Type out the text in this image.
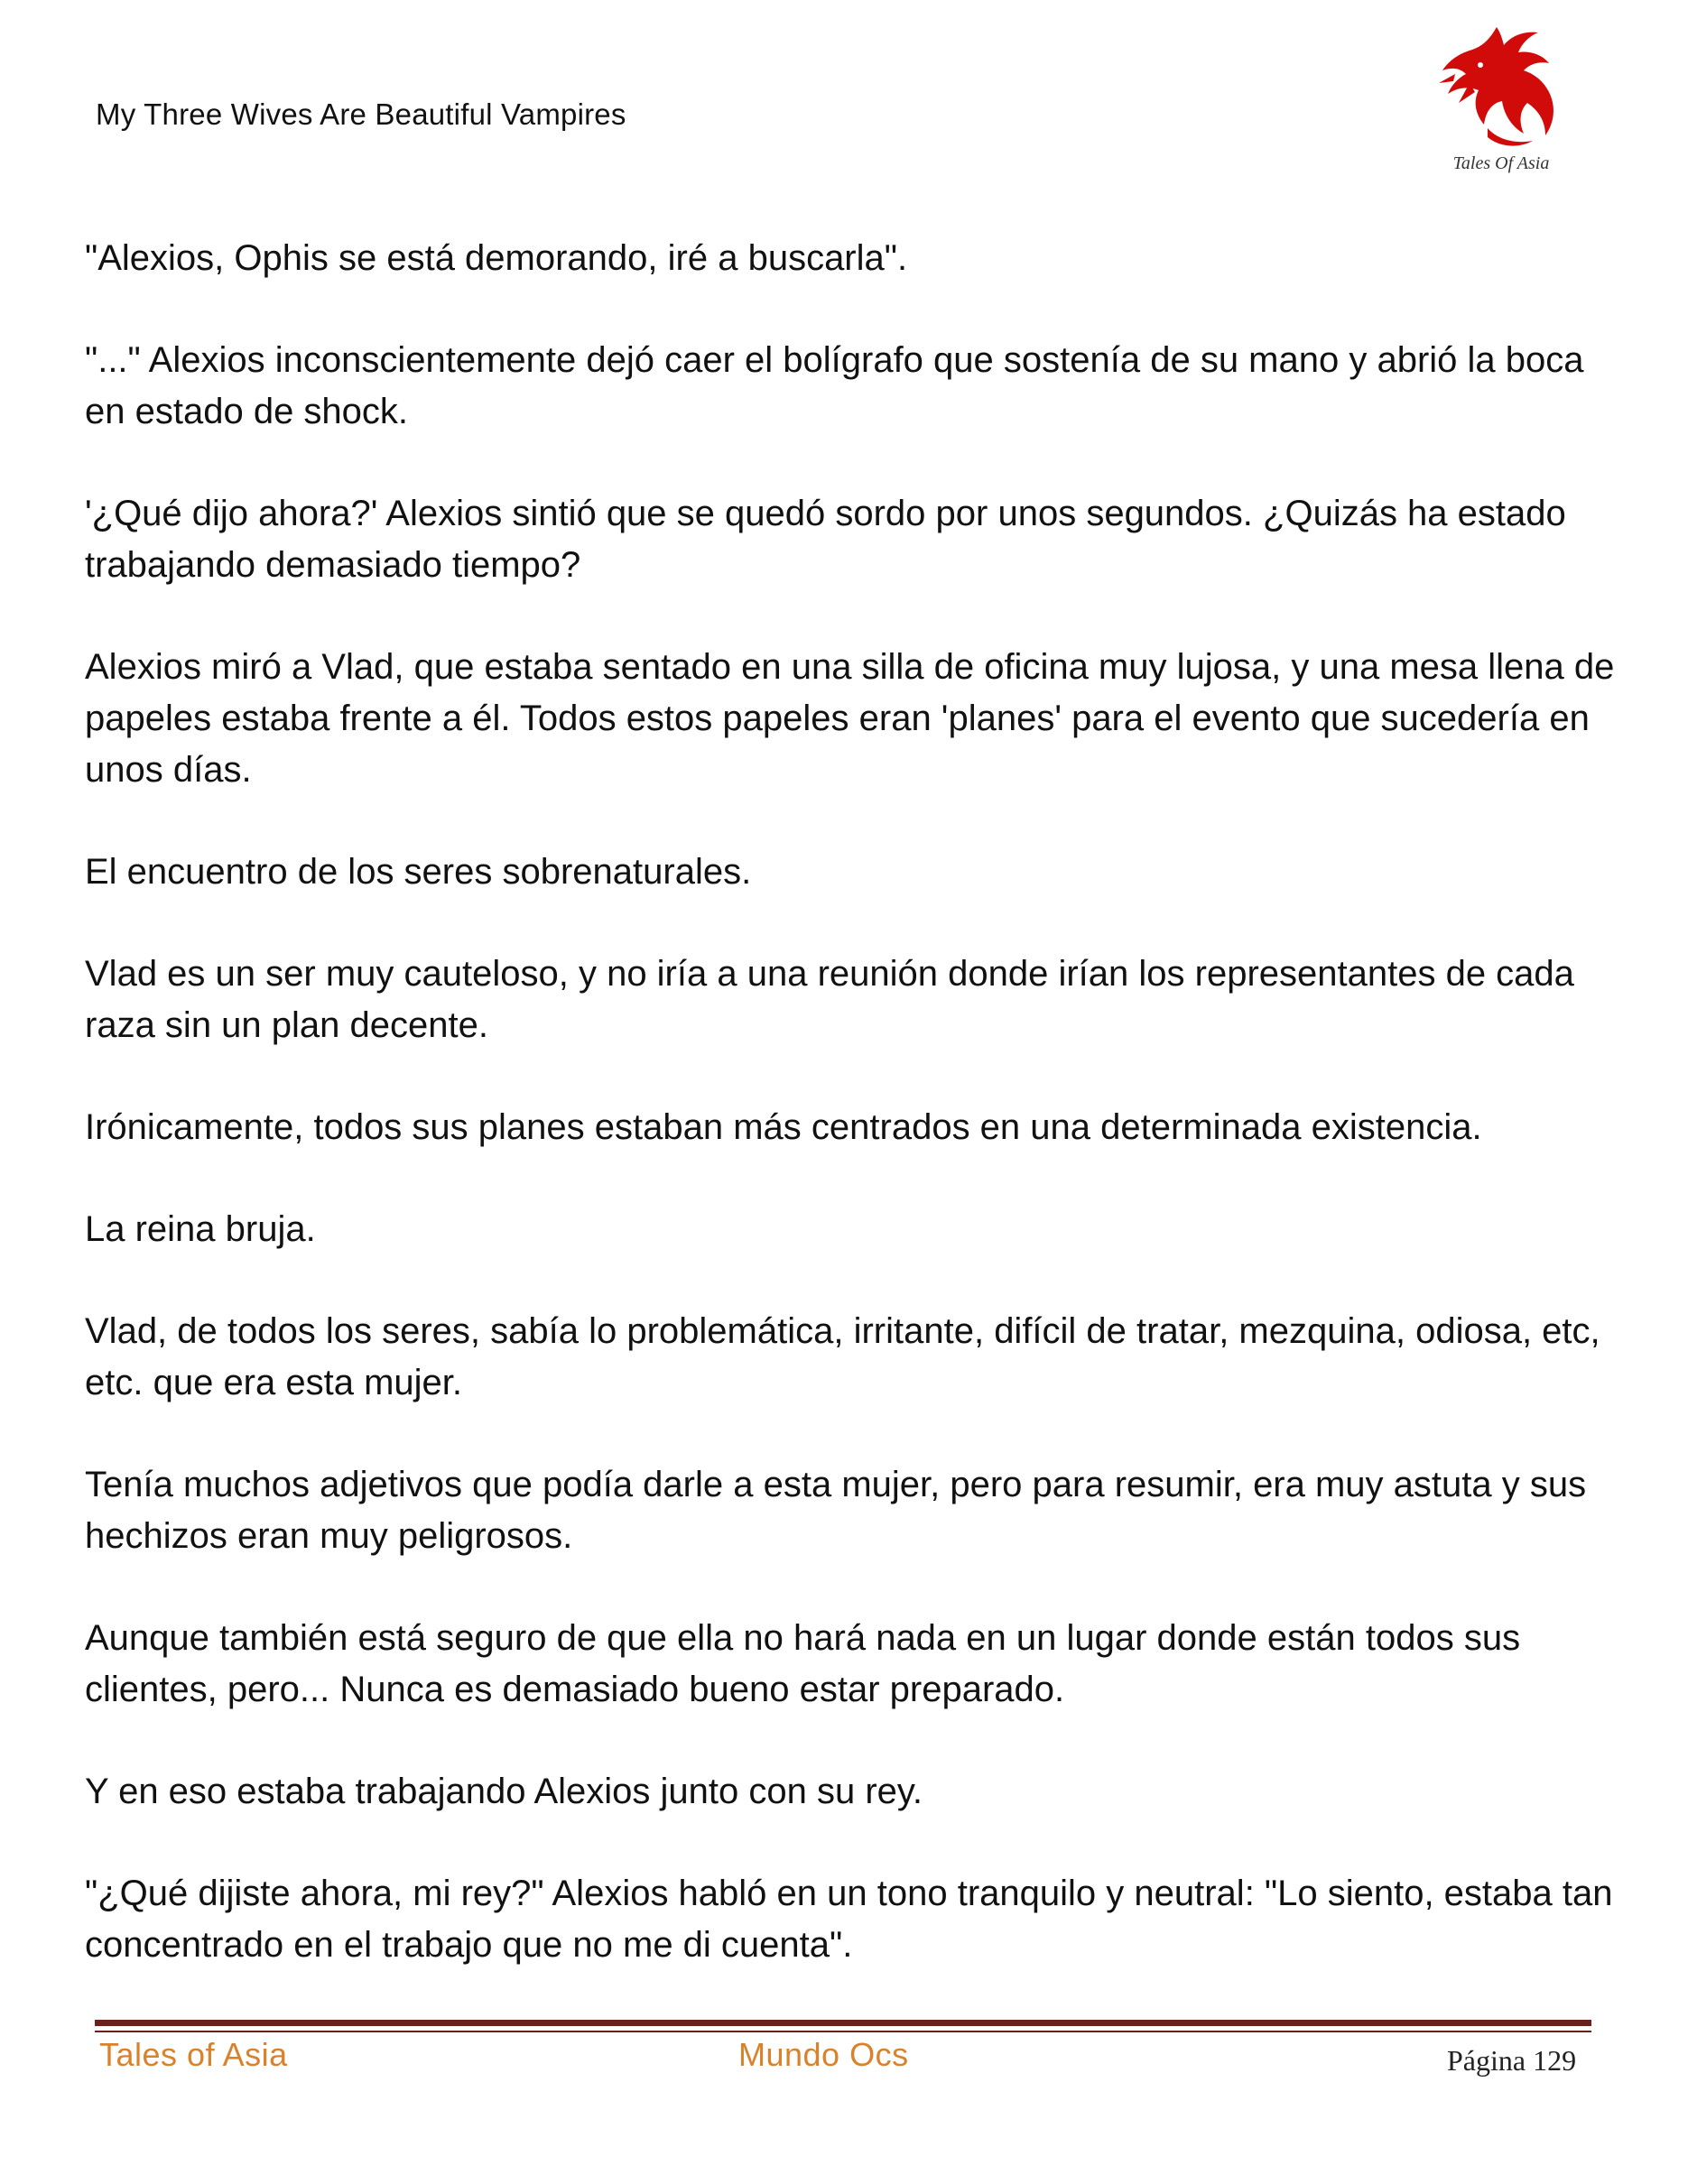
My Three Wives Are Beautiful Vampires
Tales Of Asia

"Alexios, Ophis se está demorando, iré a buscarla".

"..." Alexios inconscientemente dejó caer el bolígrafo que sostenía de su mano y abrió la boca en estado de shock.

'¿Qué dijo ahora?' Alexios sintió que se quedó sordo por unos segundos. ¿Quizás ha estado trabajando demasiado tiempo?

Alexios miró a Vlad, que estaba sentado en una silla de oficina muy lujosa, y una mesa llena de papeles estaba frente a él. Todos estos papeles eran 'planes' para el evento que sucedería en unos días.

El encuentro de los seres sobrenaturales.

Vlad es un ser muy cauteloso, y no iría a una reunión donde irían los representantes de cada raza sin un plan decente.

Irónicamente, todos sus planes estaban más centrados en una determinada existencia.

La reina bruja.

Vlad, de todos los seres, sabía lo problemática, irritante, difícil de tratar, mezquina, odiosa, etc, etc. que era esta mujer.

Tenía muchos adjetivos que podía darle a esta mujer, pero para resumir, era muy astuta y sus hechizos eran muy peligrosos.

Aunque también está seguro de que ella no hará nada en un lugar donde están todos sus clientes, pero... Nunca es demasiado bueno estar preparado.

Y en eso estaba trabajando Alexios junto con su rey.

"¿Qué dijiste ahora, mi rey?" Alexios habló en un tono tranquilo y neutral: "Lo siento, estaba tan concentrado en el trabajo que no me di cuenta".

Tales of Asia	Mundo Ocs	Página 129
